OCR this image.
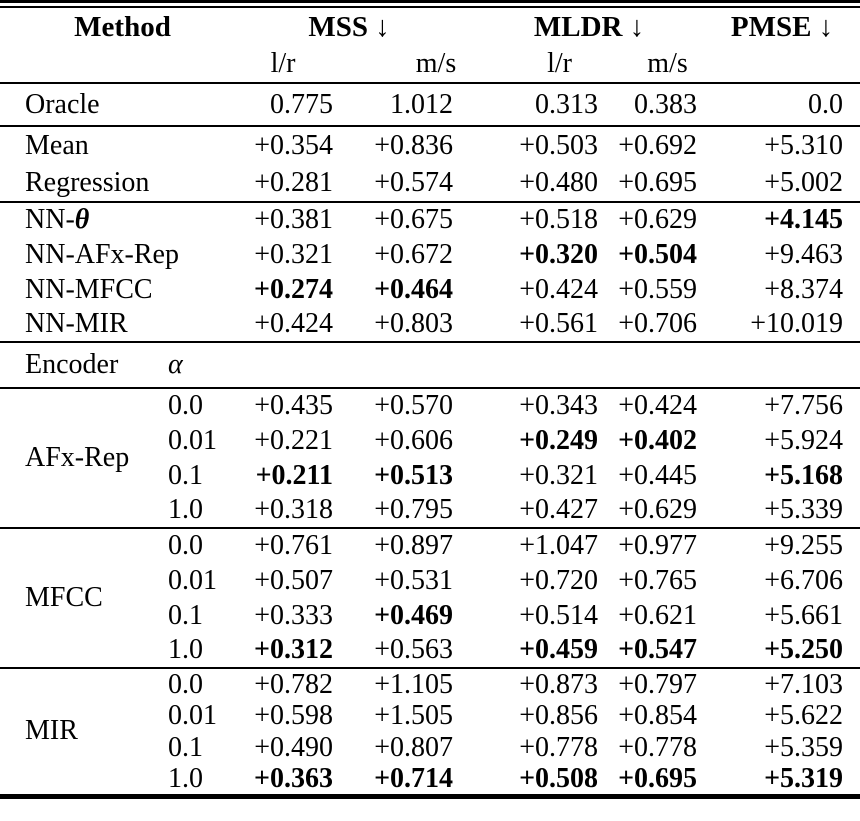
Method		MSS ↓		MLDR ↓		PMSE ↓
		l/r	m/s	l/r	m/s	
Oracle		0.775	1.012	0.313	0.383	0.0
Mean		+0.354	+0.836	+0.503	+0.692	+5.310
Regression		+0.281	+0.574	+0.480	+0.695	+5.002
NN-θ		+0.381	+0.675	+0.518	+0.629	+4.145
NN-AFx-Rep		+0.321	+0.672	+0.320	+0.504	+9.463
NN-MFCC		+0.274	+0.464	+0.424	+0.559	+8.374
NN-MIR		+0.424	+0.803	+0.561	+0.706	+10.019
Encoder	α					
AFx-Rep	0.0	+0.435	+0.570	+0.343	+0.424	+7.756
	0.01	+0.221	+0.606	+0.249	+0.402	+5.924
	0.1	+0.211	+0.513	+0.321	+0.445	+5.168
	1.0	+0.318	+0.795	+0.427	+0.629	+5.339
MFCC	0.0	+0.761	+0.897	+1.047	+0.977	+9.255
	0.01	+0.507	+0.531	+0.720	+0.765	+6.706
	0.1	+0.333	+0.469	+0.514	+0.621	+5.661
	1.0	+0.312	+0.563	+0.459	+0.547	+5.250
MIR	0.0	+0.782	+1.105	+0.873	+0.797	+7.103
	0.01	+0.598	+1.505	+0.856	+0.854	+5.622
	0.1	+0.490	+0.807	+0.778	+0.778	+5.359
	1.0	+0.363	+0.714	+0.508	+0.695	+5.319
